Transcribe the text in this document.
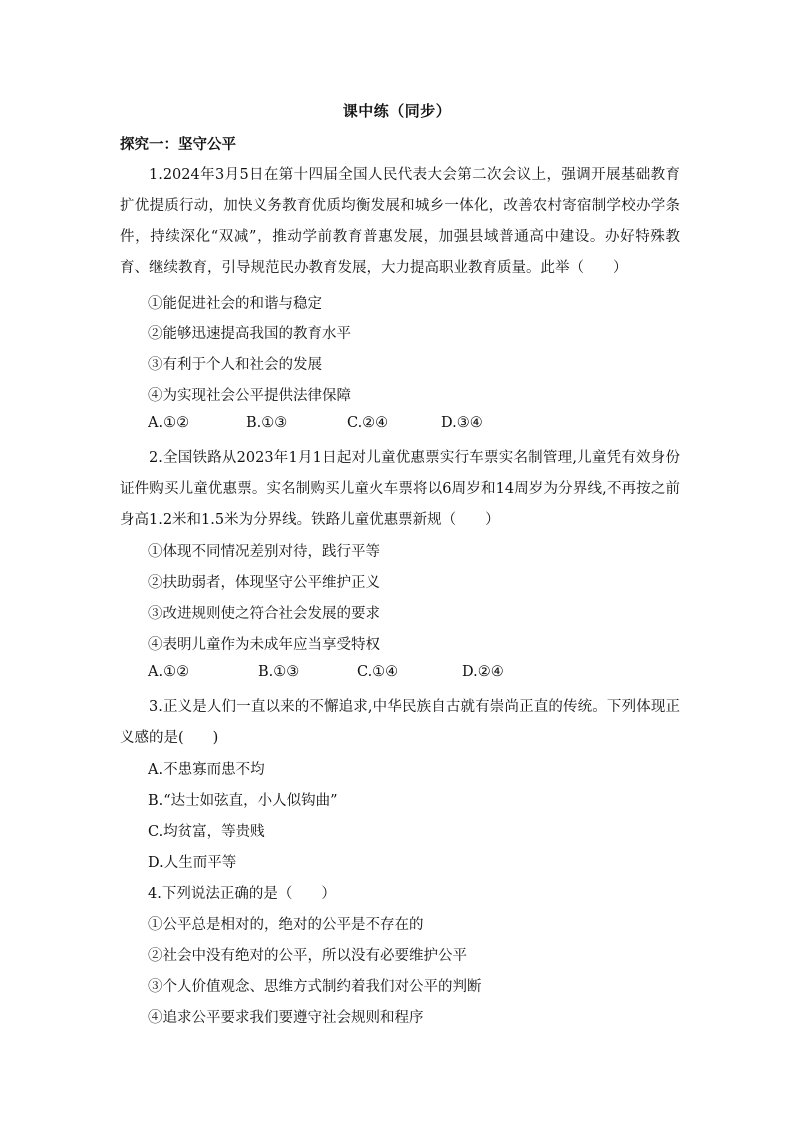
课中练（同步）
探究一：坚守公平
1.2024年3月5日在第十四届全国人民代表大会第二次会议上，强调开展基础教育扩优提质行动，加快义务教育优质均衡发展和城乡一体化，改善农村寄宿制学校办学条件，持续深化“双减”，推动学前教育普惠发展，加强县域普通高中建设。办好特殊教育、继续教育，引导规范民办教育发展，大力提高职业教育质量。此举（　　）
①能促进社会的和谐与稳定
②能够迅速提高我国的教育水平
③有利于个人和社会的发展
④为实现社会公平提供法律保障
A.①②	B.①③	C.②④	D.③④
2.全国铁路从2023年1月1日起对儿童优惠票实行车票实名制管理,儿童凭有效身份证件购买儿童优惠票。实名制购买儿童火车票将以6周岁和14周岁为分界线,不再按之前身高1.2米和1.5米为分界线。铁路儿童优惠票新规（　　）
①体现不同情况差别对待，践行平等
②扶助弱者，体现坚守公平维护正义
③改进规则使之符合社会发展的要求
④表明儿童作为未成年应当享受特权
A.①②	B.①③	C.①④	D.②④
3.正义是人们一直以来的不懈追求,中华民族自古就有崇尚正直的传统。下列体现正义感的是(　　)
A.不患寡而患不均
B.“达士如弦直，小人似钩曲”
C.均贫富，等贵贱
D.人生而平等
4.下列说法正确的是（　　）
①公平总是相对的，绝对的公平是不存在的
②社会中没有绝对的公平，所以没有必要维护公平
③个人价值观念、思维方式制约着我们对公平的判断
④追求公平要求我们要遵守社会规则和程序
